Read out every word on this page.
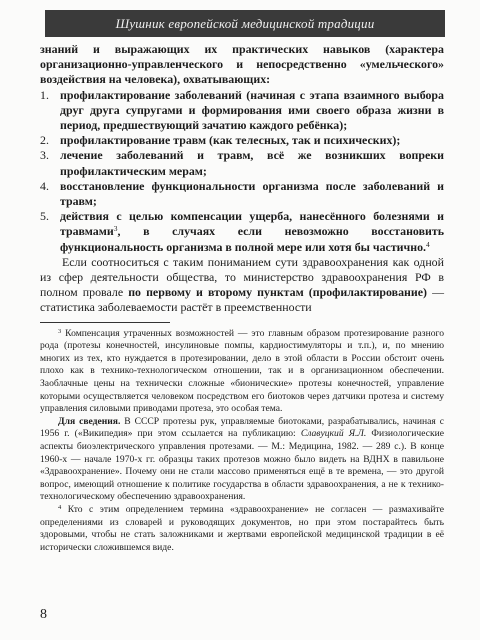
Шушник европейской медицинской традиции

знаний и выражающих их практических навыков (характера организационно-управленческого и непосредственно «умельческого» воздействия на человека), охватывающих:

1. профилактирование заболеваний (начиная с этапа взаимного выбора друг друга супругами и формирования ими своего образа жизни в период, предшествующий зачатию каждого ребёнка);
2. профилактирование травм (как телесных, так и психических);
3. лечение заболеваний и травм, всё же возникших вопреки профилактическим мерам;
4. восстановление функциональности организма после заболеваний и травм;
5. действия с целью компенсации ущерба, нанесённого болезнями и травмами$^3$, в случаях если невозможно восстановить функциональность организма в полной мере или хотя бы частично.$^4$

Если соотноситься с таким пониманием сути здравоохранения как одной из сфер деятельности общества, то министерство здравоохранения РФ в полном провале по первому и второму пунктам (профилактирование) — статистика заболеваемости растёт в преемственности

$^3$ Компенсация утраченных возможностей — это главным образом протезирование разного рода (протезы конечностей, инсулиновые помпы, кардиостимуляторы и т.п.), и, по мнению многих из тех, кто нуждается в протезировании, дело в этой области в России обстоит очень плохо как в технико-технологическом отношении, так и в организационном обеспечении. Заоблачные цены на технически сложные «бионические» протезы конечностей, управление которыми осуществляется человеком посредством его биотоков через датчики протеза и систему управления силовыми приводами протеза, это особая тема.

Для сведения. В СССР протезы рук, управляемые биотоками, разрабатывались, начиная с 1956 г. («Википедия» при этом ссылается на публикацию: Славуцкий Я.Л. Физиологические аспекты биоэлектрического управления протезами. — М.: Медицина, 1982. — 289 с.). В конце 1960-х — начале 1970-х гг. образцы таких протезов можно было видеть на ВДНХ в павильоне «Здравоохранение». Почему они не стали массово применяться ещё в те времена, — это другой вопрос, имеющий отношение к политике государства в области здравоохранения, а не к технико-технологическому обеспечению здравоохранения.

$^4$ Кто с этим определением термина «здравоохранение» не согласен — размахивайте определениями из словарей и руководящих документов, но при этом постарайтесь быть здоровыми, чтобы не стать заложниками и жертвами европейской медицинской традиции в её исторически сложившемся виде.

8
